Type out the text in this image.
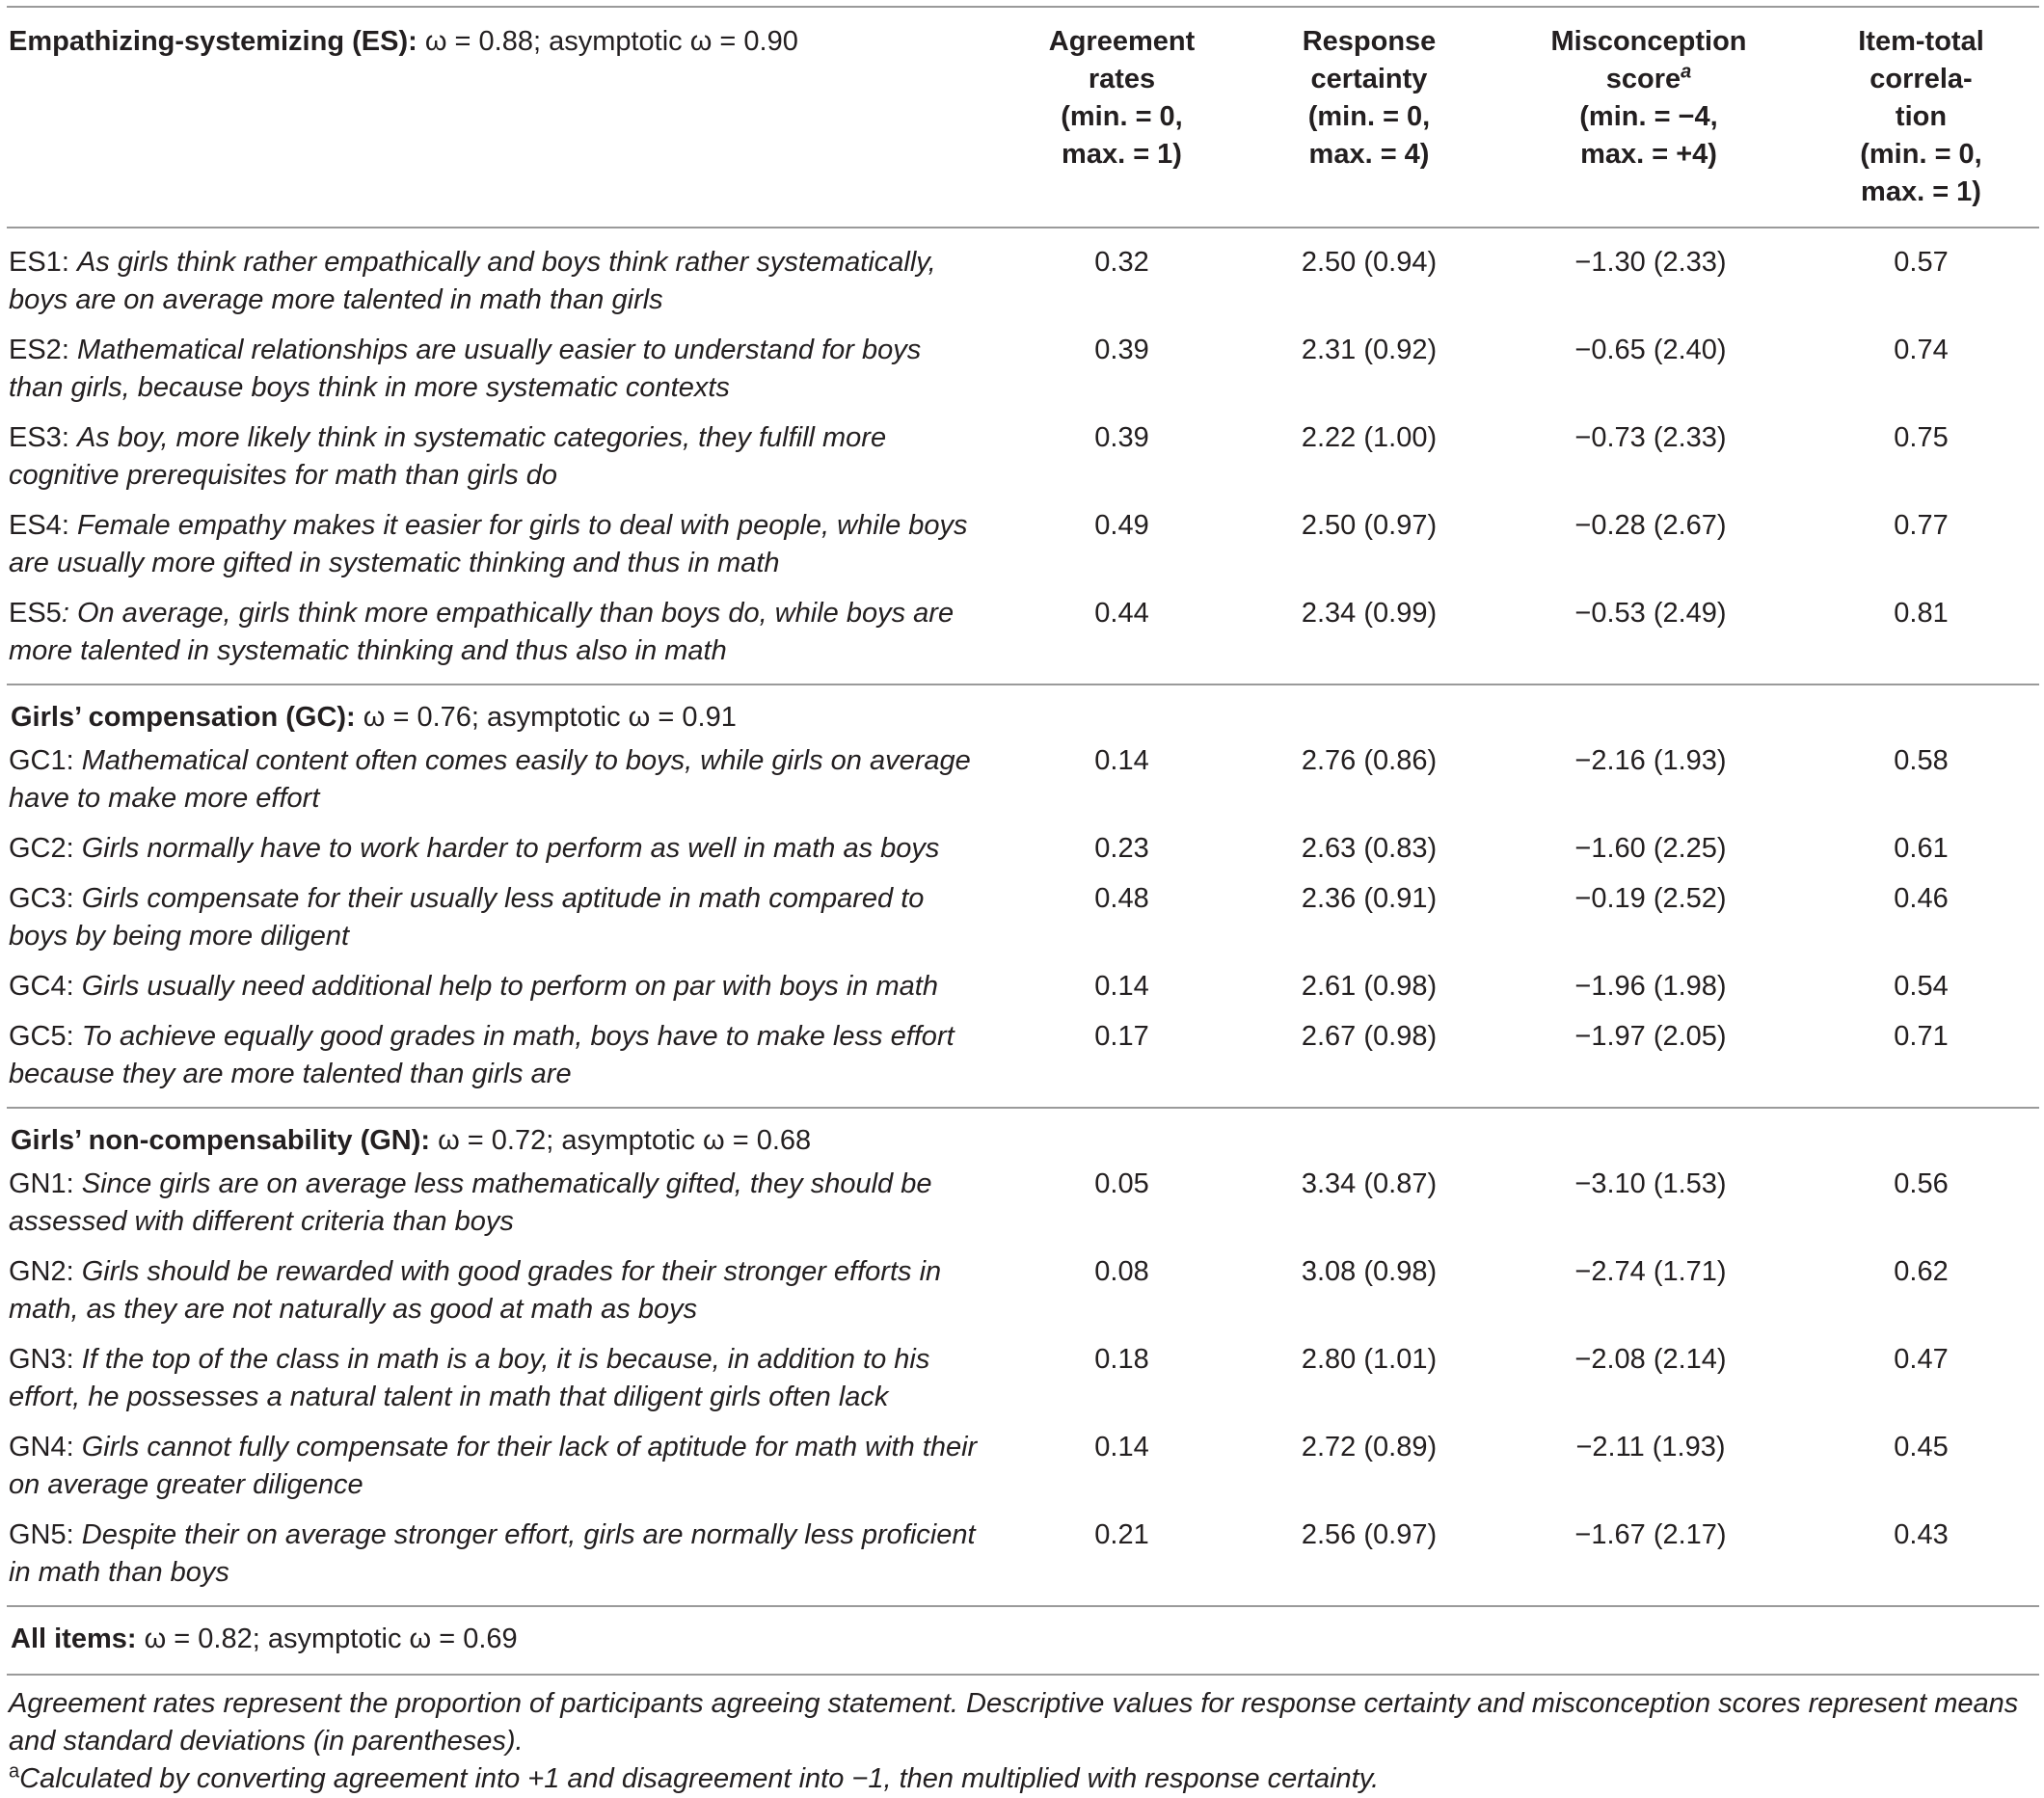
Empathizing-systemizing (ES): ω = 0.88; asymptotic ω = 0.90	Agreement
rates
(min. = 0,
max. = 1)	Response
certainty
(min. = 0,
max. = 4)	Misconception
score$^a$
(min. = −4,
max. = +4)	Item-total
correla-
tion
(min. = 0,
max. = 1)

ES1: As girls think rather empathically and boys think rather systematically, boys are on average more talented in math than girls	0.32	2.50 (0.94)	−1.30 (2.33)	0.57
ES2: Mathematical relationships are usually easier to understand for boys than girls, because boys think in more systematic contexts	0.39	2.31 (0.92)	−0.65 (2.40)	0.74
ES3: As boy, more likely think in systematic categories, they fulfill more cognitive prerequisites for math than girls do	0.39	2.22 (1.00)	−0.73 (2.33)	0.75
ES4: Female empathy makes it easier for girls to deal with people, while boys are usually more gifted in systematic thinking and thus in math	0.49	2.50 (0.97)	−0.28 (2.67)	0.77
ES5: On average, girls think more empathically than boys do, while boys are more talented in systematic thinking and thus also in math	0.44	2.34 (0.99)	−0.53 (2.49)	0.81
Girls’ compensation (GC): ω = 0.76; asymptotic ω = 0.91				
GC1: Mathematical content often comes easily to boys, while girls on average have to make more effort	0.14	2.76 (0.86)	−2.16 (1.93)	0.58
GC2: Girls normally have to work harder to perform as well in math as boys	0.23	2.63 (0.83)	−1.60 (2.25)	0.61
GC3: Girls compensate for their usually less aptitude in math compared to boys by being more diligent	0.48	2.36 (0.91)	−0.19 (2.52)	0.46
GC4: Girls usually need additional help to perform on par with boys in math	0.14	2.61 (0.98)	−1.96 (1.98)	0.54
GC5: To achieve equally good grades in math, boys have to make less effort because they are more talented than girls are	0.17	2.67 (0.98)	−1.97 (2.05)	0.71
Girls’ non-compensability (GN): ω = 0.72; asymptotic ω = 0.68				
GN1: Since girls are on average less mathematically gifted, they should be assessed with different criteria than boys	0.05	3.34 (0.87)	−3.10 (1.53)	0.56
GN2: Girls should be rewarded with good grades for their stronger efforts in math, as they are not naturally as good at math as boys	0.08	3.08 (0.98)	−2.74 (1.71)	0.62
GN3: If the top of the class in math is a boy, it is because, in addition to his effort, he possesses a natural talent in math that diligent girls often lack	0.18	2.80 (1.01)	−2.08 (2.14)	0.47
GN4: Girls cannot fully compensate for their lack of aptitude for math with their on average greater diligence	0.14	2.72 (0.89)	−2.11 (1.93)	0.45
GN5: Despite their on average stronger effort, girls are normally less proficient in math than boys	0.21	2.56 (0.97)	−1.67 (2.17)	0.43
All items: ω = 0.82; asymptotic ω = 0.69				

Agreement rates represent the proportion of participants agreeing statement. Descriptive values for response certainty and misconception scores represent means and standard deviations (in parentheses).

$^a$Calculated by converting agreement into +1 and disagreement into −1, then multiplied with response certainty.
